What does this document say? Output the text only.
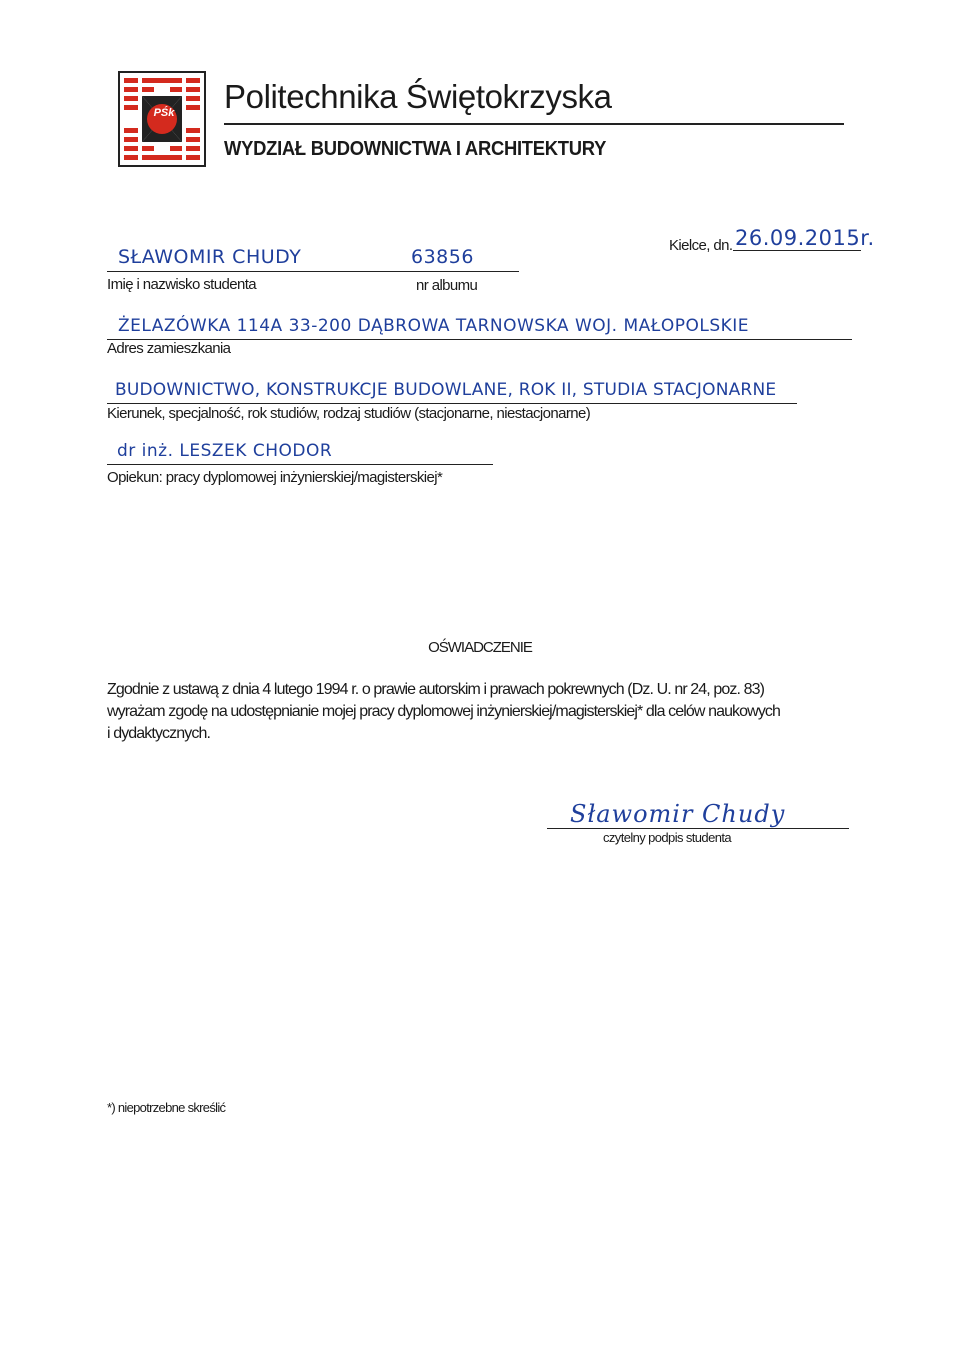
PŚk	Politechnika Świętokrzyska
WYDZIAŁ BUDOWNICTWA I ARCHITEKTURY
Kielce, dn. 26.09.2015r.
SŁAWOMIR CHUDY
Imię i nazwisko studenta
63856
nr albumu
ŻELAZÓWKA 114A 33-200 DĄBROWA TARNOWSKA WOJ. MAŁOPOLSKIE
Adres zamieszkania
BUDOWNICTWO, KONSTRUKCJE BUDOWLANE, ROK II, STUDIA STACJONARNE
Kierunek, specjalność, rok studiów, rodzaj studiów (stacjonarne, niestacjonarne)
dr inż. LESZEK CHODOR
Opiekun: pracy dyplomowej inżynierskiej/magisterskiej*
OŚWIADCZENIE
Zgodnie z ustawą z dnia 4 lutego 1994 r. o prawie autorskim i prawach pokrewnych (Dz. U. nr 24, poz. 83)
wyrażam zgodę na udostępnianie mojej pracy dyplomowej inżynierskiej/magisterskiej* dla celów naukowych
i dydaktycznych.
Sławomir Chudy
czytelny podpis studenta
*) niepotrzebne skreślić
